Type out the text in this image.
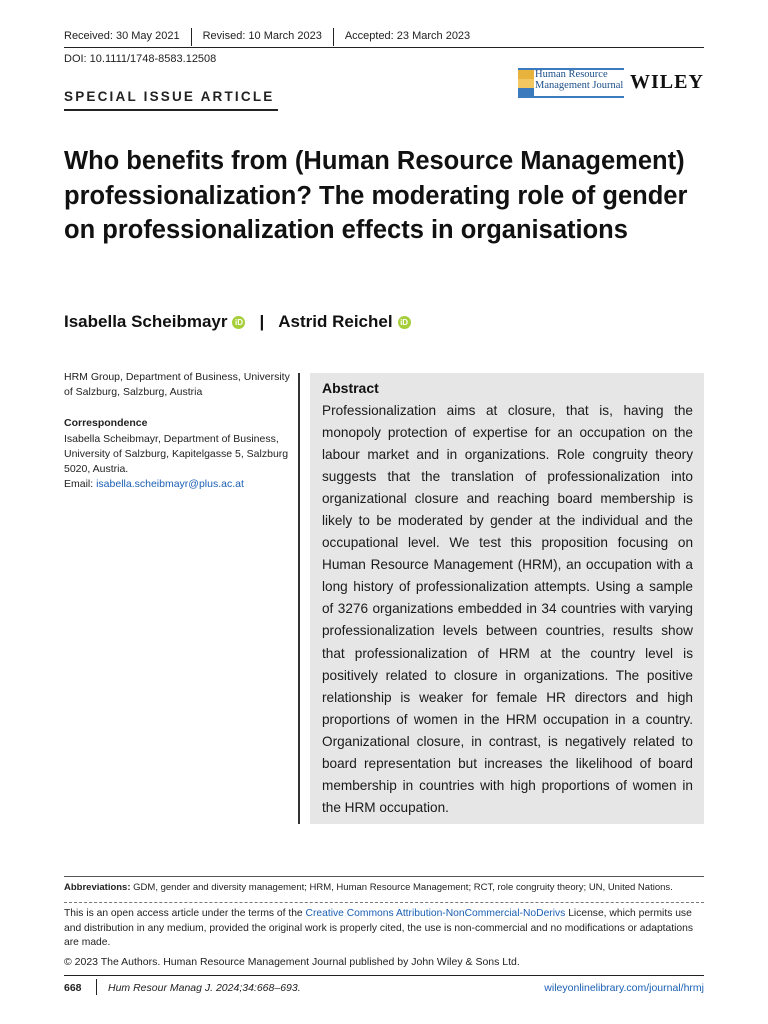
Received: 30 May 2021 Revised: 10 March 2023 Accepted: 23 March 2023
DOI: 10.1111/1748-8583.12508
SPECIAL ISSUE ARTICLE
Human Resource
Management Journal WILEY
Who benefits from (Human Resource Management) professionalization? The moderating role of gender on professionalization effects in organisations
Isabella Scheibmayr iD | Astrid Reichel iD
HRM Group, Department of Business, University of Salzburg, Salzburg, Austria
Correspondence
Isabella Scheibmayr, Department of Business, University of Salzburg, Kapitelgasse 5, Salzburg 5020, Austria.
Email: isabella.scheibmayr@plus.ac.at
Abstract

Professionalization aims at closure, that is, having the monopoly protection of expertise for an occupation on the labour market and in organizations. Role congruity theory suggests that the translation of professionalization into organizational closure and reaching board membership is likely to be moderated by gender at the individual and the occupational level. We test this proposition focusing on Human Resource Management (HRM), an occupation with a long history of professionalization attempts. Using a sample of 3276 organizations embedded in 34 countries with varying professionalization levels between countries, results show that professionalization of HRM at the country level is positively related to closure in organizations. The positive relationship is weaker for female HR directors and high proportions of women in the HRM occupation in a country. Organizational closure, in contrast, is negatively related to board representation but increases the likelihood of board membership in countries with high proportions of women in the HRM occupation.

Abbreviations: GDM, gender and diversity management; HRM, Human Resource Management; RCT, role congruity theory; UN, United Nations.
This is an open access article under the terms of the Creative Commons Attribution-NonCommercial-NoDerivs License, which permits use and distribution in any medium, provided the original work is properly cited, the use is non-commercial and no modifications or adaptations are made.
© 2023 The Authors. Human Resource Management Journal published by John Wiley & Sons Ltd.
668	Hum Resour Manag J. 2024;34:668–693.	wileyonlinelibrary.com/journal/hrmj
